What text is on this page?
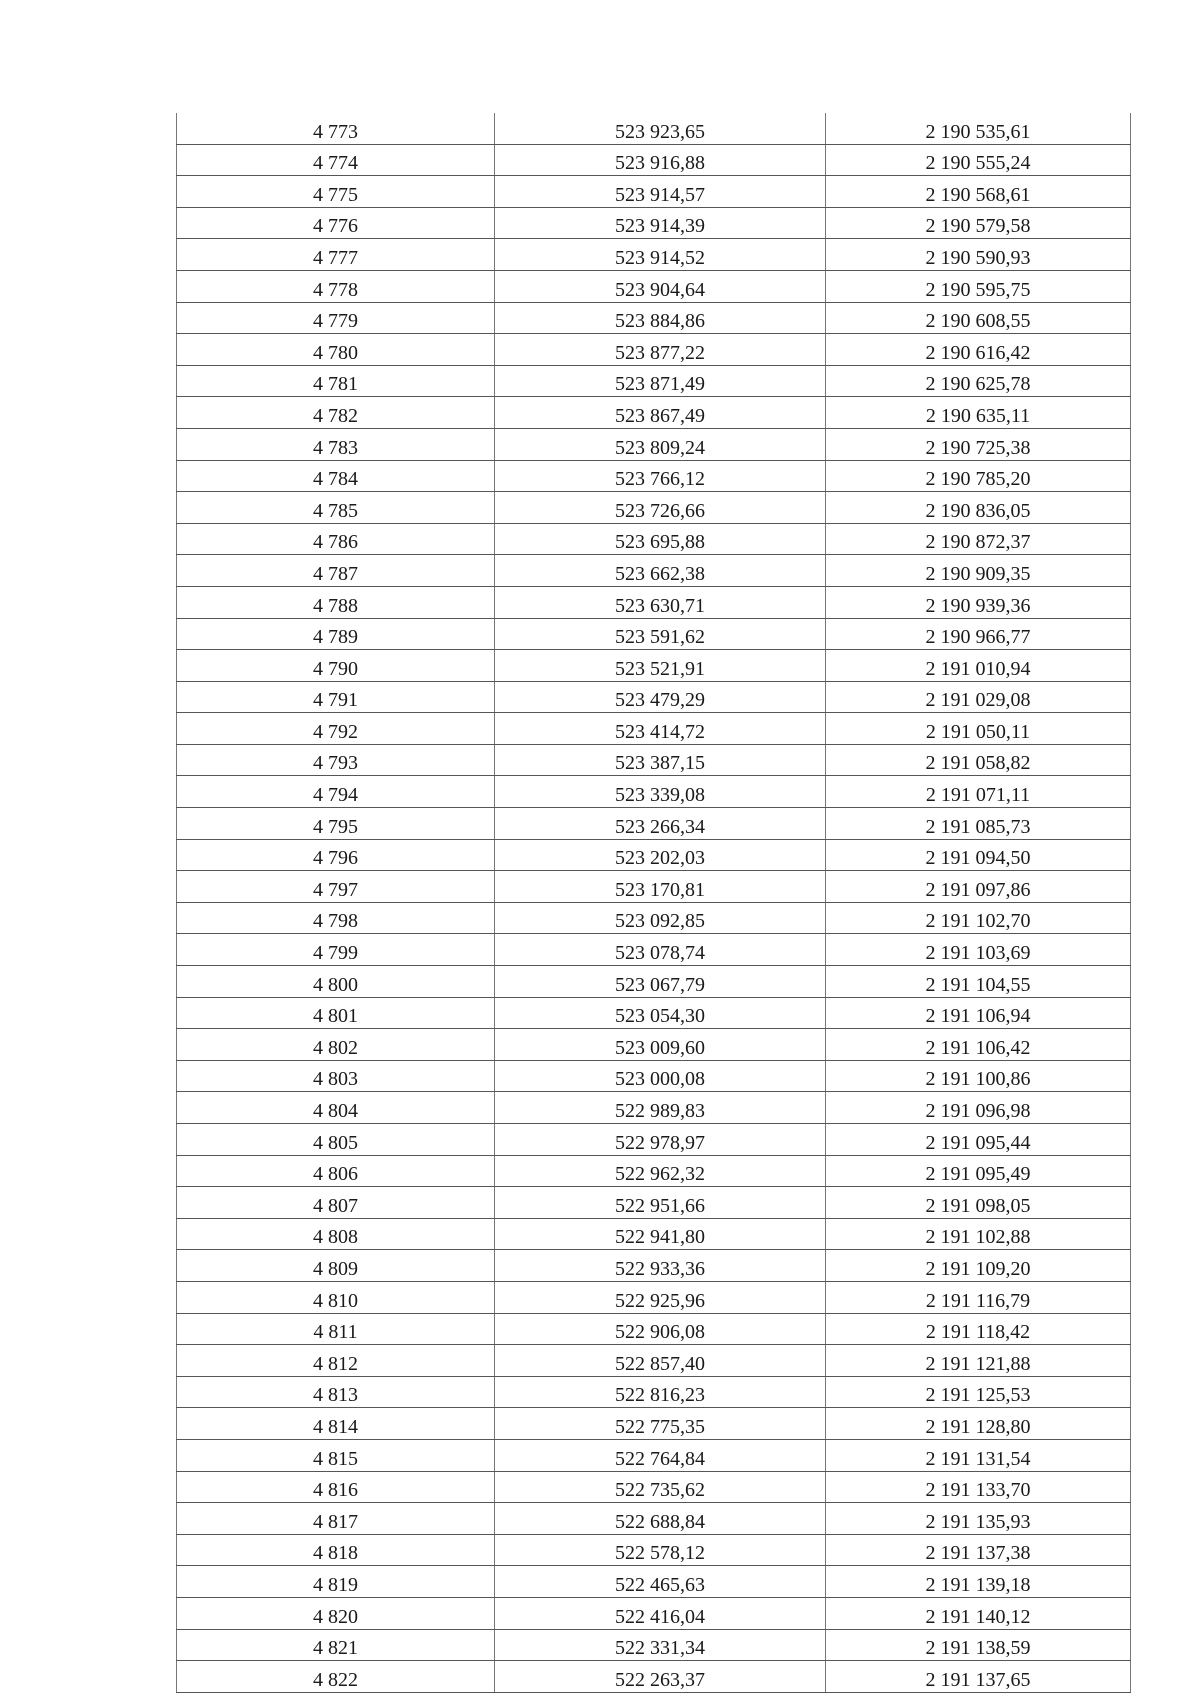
4 773	523 923,65	2 190 535,61
4 774	523 916,88	2 190 555,24
4 775	523 914,57	2 190 568,61
4 776	523 914,39	2 190 579,58
4 777	523 914,52	2 190 590,93
4 778	523 904,64	2 190 595,75
4 779	523 884,86	2 190 608,55
4 780	523 877,22	2 190 616,42
4 781	523 871,49	2 190 625,78
4 782	523 867,49	2 190 635,11
4 783	523 809,24	2 190 725,38
4 784	523 766,12	2 190 785,20
4 785	523 726,66	2 190 836,05
4 786	523 695,88	2 190 872,37
4 787	523 662,38	2 190 909,35
4 788	523 630,71	2 190 939,36
4 789	523 591,62	2 190 966,77
4 790	523 521,91	2 191 010,94
4 791	523 479,29	2 191 029,08
4 792	523 414,72	2 191 050,11
4 793	523 387,15	2 191 058,82
4 794	523 339,08	2 191 071,11
4 795	523 266,34	2 191 085,73
4 796	523 202,03	2 191 094,50
4 797	523 170,81	2 191 097,86
4 798	523 092,85	2 191 102,70
4 799	523 078,74	2 191 103,69
4 800	523 067,79	2 191 104,55
4 801	523 054,30	2 191 106,94
4 802	523 009,60	2 191 106,42
4 803	523 000,08	2 191 100,86
4 804	522 989,83	2 191 096,98
4 805	522 978,97	2 191 095,44
4 806	522 962,32	2 191 095,49
4 807	522 951,66	2 191 098,05
4 808	522 941,80	2 191 102,88
4 809	522 933,36	2 191 109,20
4 810	522 925,96	2 191 116,79
4 811	522 906,08	2 191 118,42
4 812	522 857,40	2 191 121,88
4 813	522 816,23	2 191 125,53
4 814	522 775,35	2 191 128,80
4 815	522 764,84	2 191 131,54
4 816	522 735,62	2 191 133,70
4 817	522 688,84	2 191 135,93
4 818	522 578,12	2 191 137,38
4 819	522 465,63	2 191 139,18
4 820	522 416,04	2 191 140,12
4 821	522 331,34	2 191 138,59
4 822	522 263,37	2 191 137,65
